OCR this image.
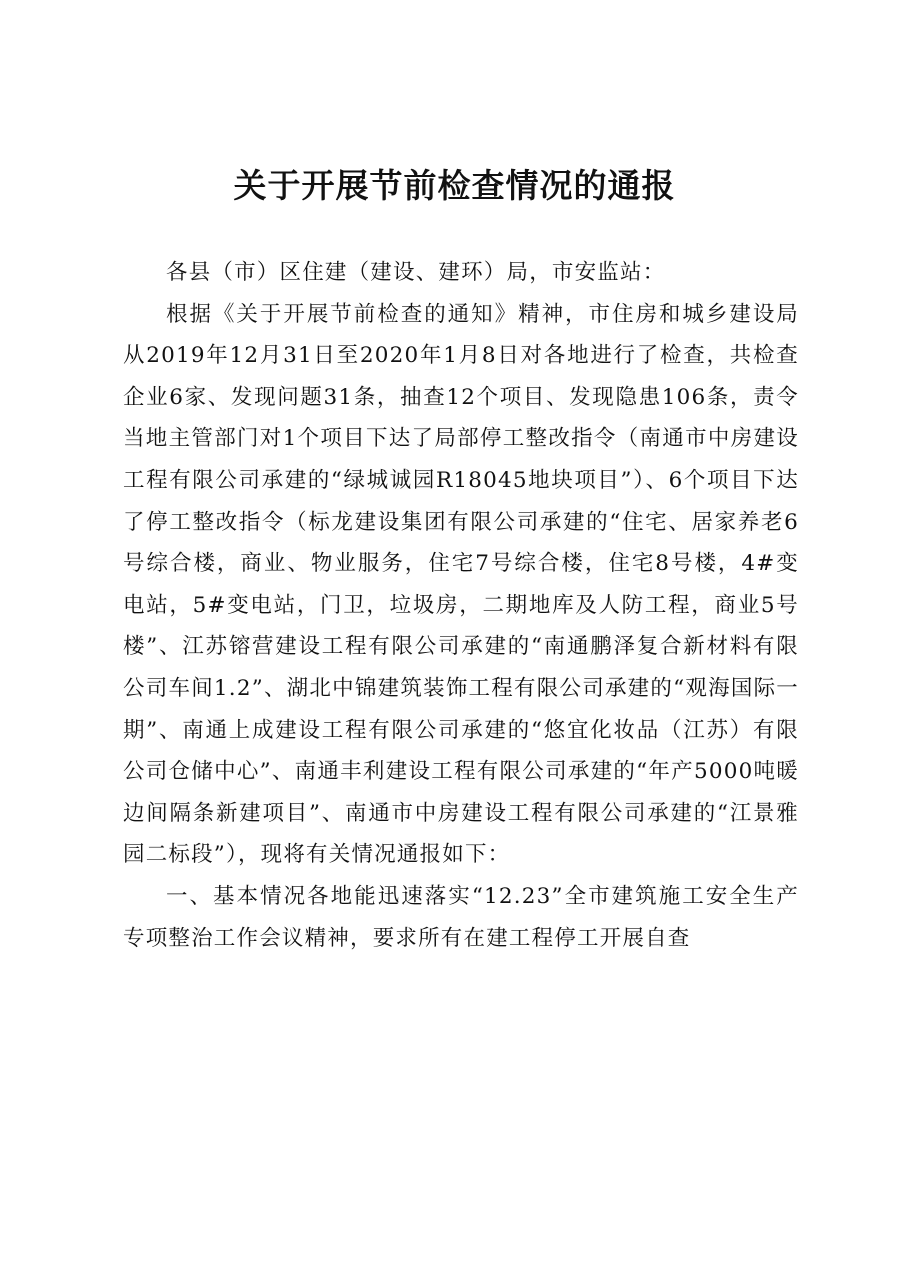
关于开展节前检查情况的通报

各县（市）区住建（建设、建环）局，市安监站：

根据《关于开展节前检查的通知》精神，市住房和城乡建设局从2019年12月31日至2020年1月8日对各地进行了检查，共检查企业6家、发现问题31条，抽查12个项目、发现隐患106条，责令当地主管部门对1个项目下达了局部停工整改指令（南通市中房建设工程有限公司承建的“绿城诚园R18045地块项目”）、6个项目下达了停工整改指令（标龙建设集团有限公司承建的“住宅、居家养老6号综合楼，商业、物业服务，住宅7号综合楼，住宅8号楼，4#变电站，5#变电站，门卫，垃圾房，二期地库及人防工程，商业5号楼”、江苏镕营建设工程有限公司承建的“南通鹏泽复合新材料有限公司车间1.2”、湖北中锦建筑装饰工程有限公司承建的“观海国际一期”、南通上成建设工程有限公司承建的“悠宜化妆品（江苏）有限公司仓储中心”、南通丰利建设工程有限公司承建的“年产5000吨暖边间隔条新建项目”、南通市中房建设工程有限公司承建的“江景雅园二标段”），现将有关情况通报如下：

一、基本情况各地能迅速落实“12.23”全市建筑施工安全生产专项整治工作会议精神，要求所有在建工程停工开展自查
